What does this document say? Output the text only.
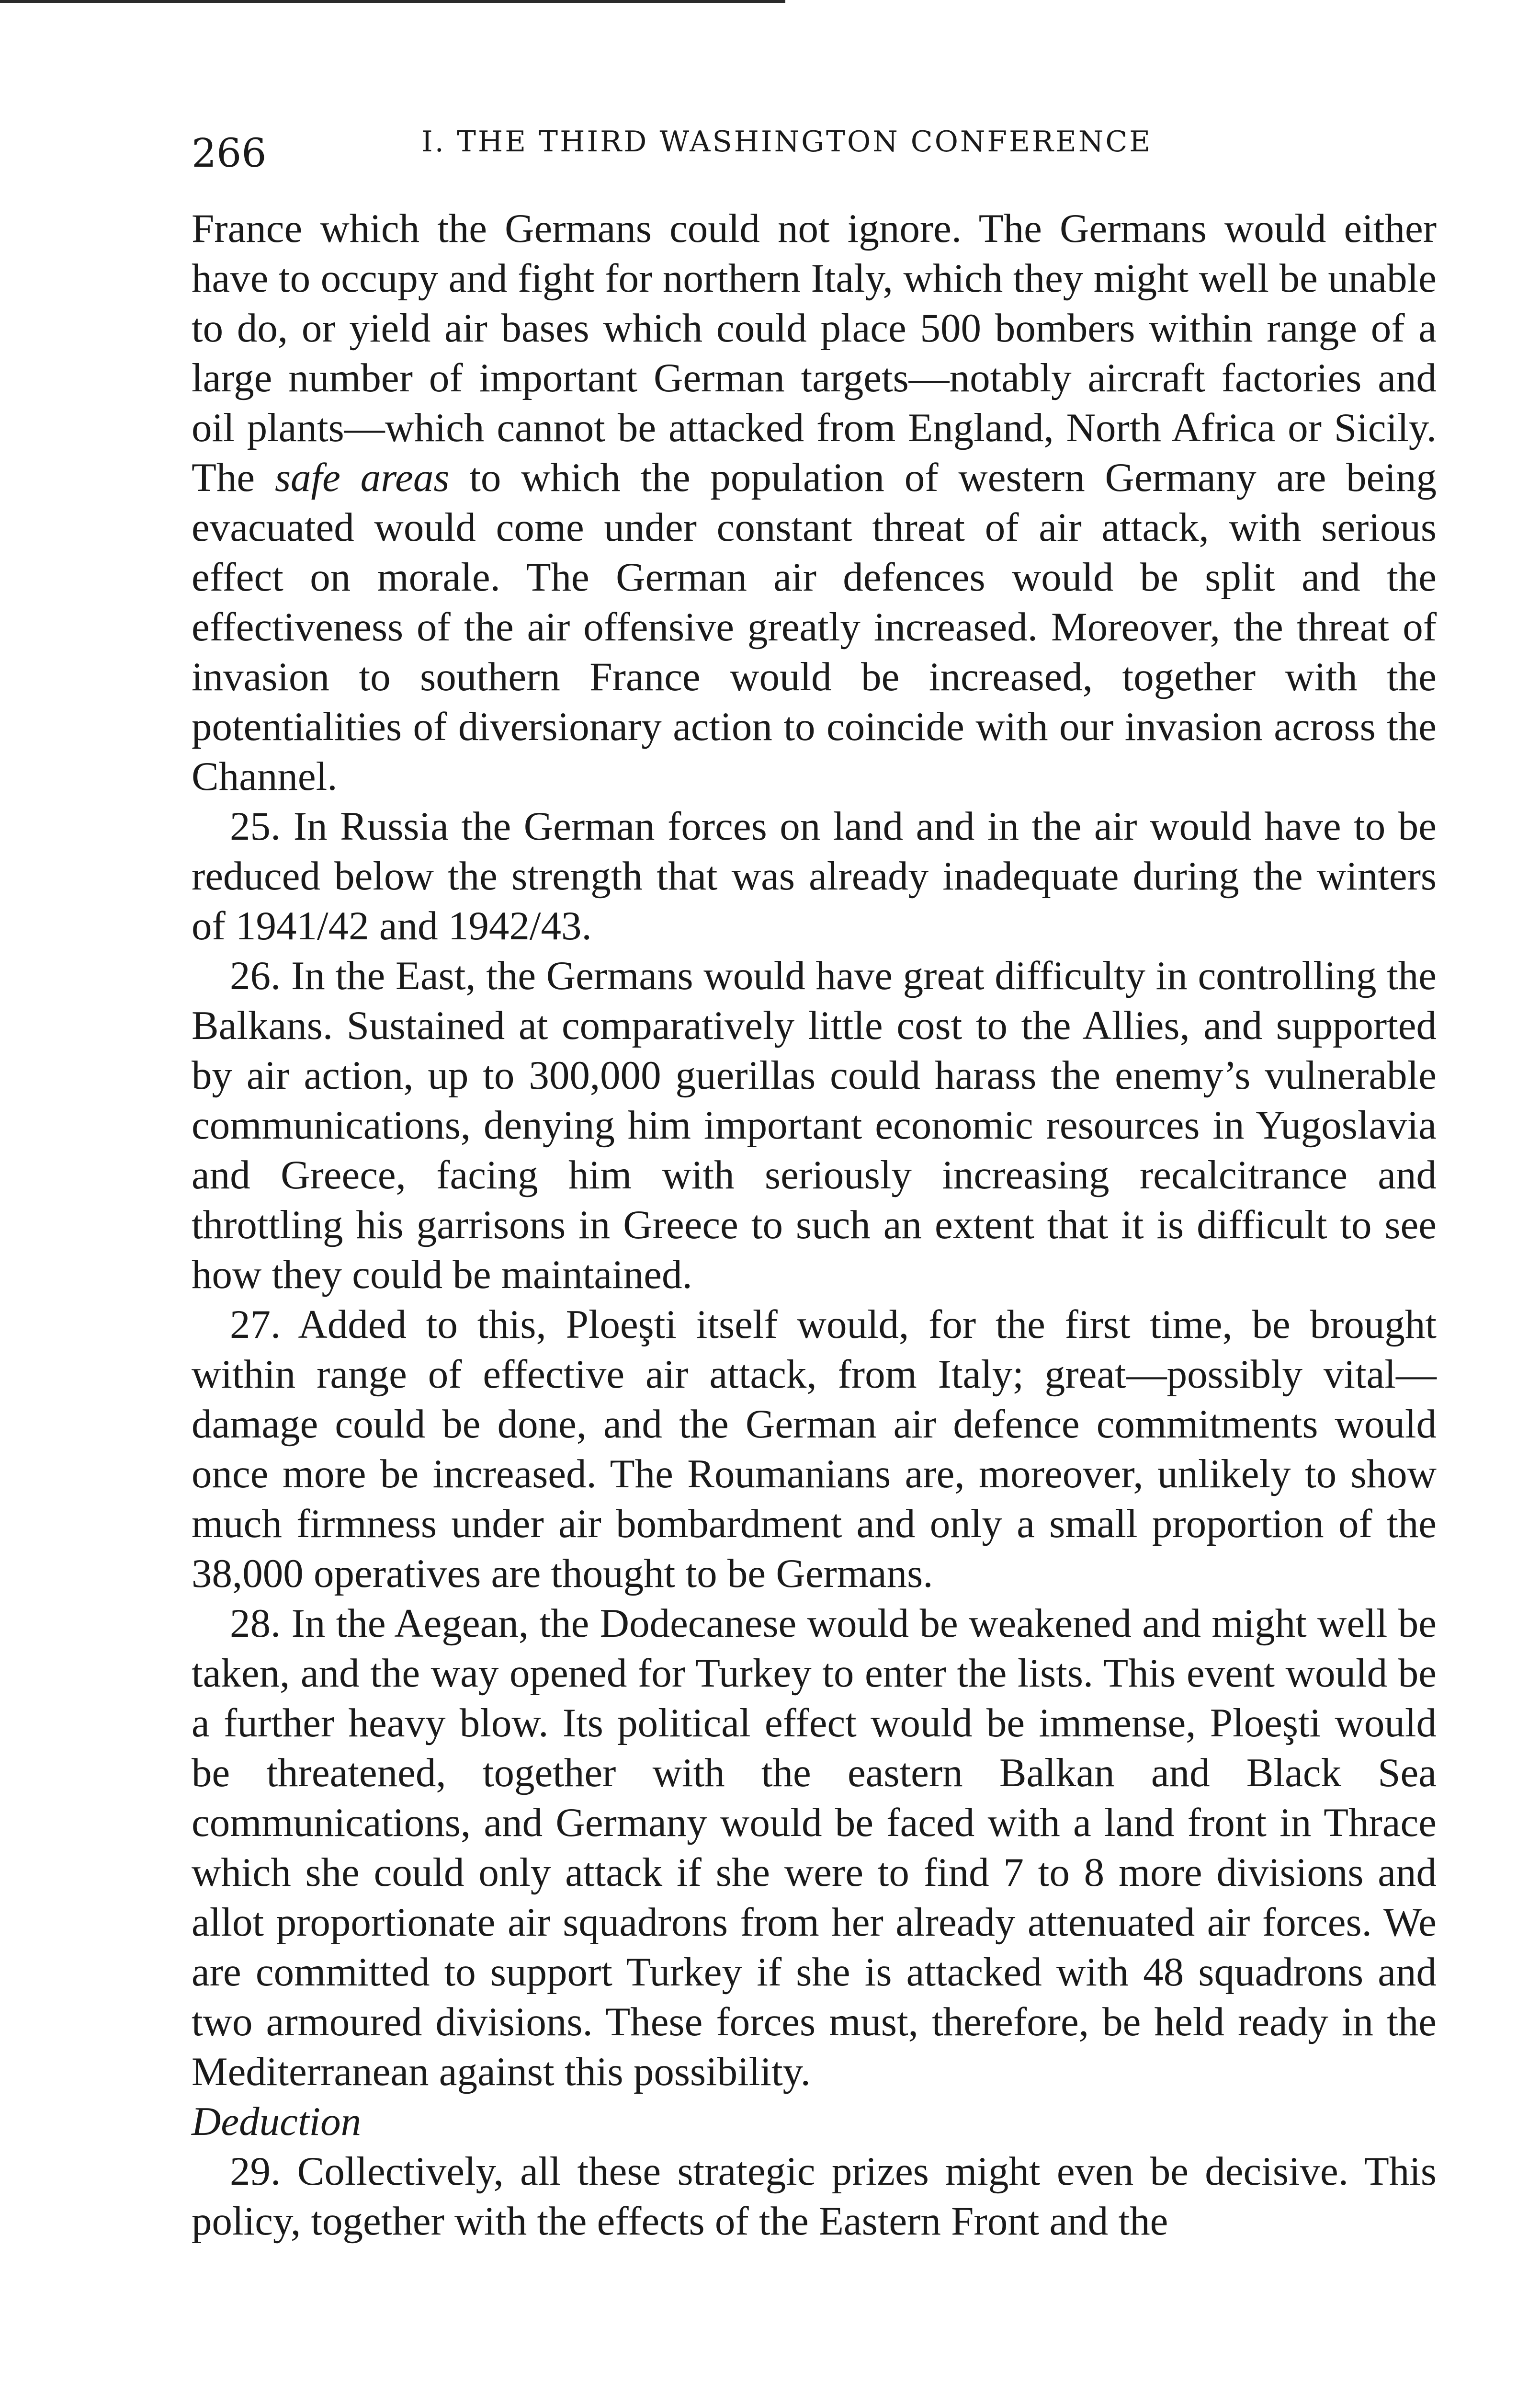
266	I. THE THIRD WASHINGTON CONFERENCE

France which the Germans could not ignore. The Germans would either have to occupy and fight for northern Italy, which they might well be unable to do, or yield air bases which could place 500 bombers within range of a large number of important German targets—notably aircraft factories and oil plants—which cannot be attacked from England, North Africa or Sicily. The safe areas to which the population of western Germany are being evacuated would come under constant threat of air attack, with serious effect on morale. The German air defences would be split and the effectiveness of the air offensive greatly increased. Moreover, the threat of invasion to southern France would be increased, together with the potentialities of diversionary action to coincide with our invasion across the Channel.

25. In Russia the German forces on land and in the air would have to be reduced below the strength that was already inadequate during the winters of 1941/42 and 1942/43.

26. In the East, the Germans would have great difficulty in controlling the Balkans. Sustained at comparatively little cost to the Allies, and supported by air action, up to 300,000 guerillas could harass the enemy’s vulnerable communications, denying him important economic resources in Yugoslavia and Greece, facing him with seriously increasing recalcitrance and throttling his garrisons in Greece to such an extent that it is difficult to see how they could be maintained.

27. Added to this, Ploeşti itself would, for the first time, be brought within range of effective air attack, from Italy; great—possibly vital—damage could be done, and the German air defence commitments would once more be increased. The Roumanians are, moreover, unlikely to show much firmness under air bombardment and only a small proportion of the 38,000 operatives are thought to be Germans.

28. In the Aegean, the Dodecanese would be weakened and might well be taken, and the way opened for Turkey to enter the lists. This event would be a further heavy blow. Its political effect would be immense, Ploeşti would be threatened, together with the eastern Balkan and Black Sea communications, and Germany would be faced with a land front in Thrace which she could only attack if she were to find 7 to 8 more divisions and allot proportionate air squadrons from her already attenuated air forces. We are committed to support Turkey if she is attacked with 48 squadrons and two armoured divisions. These forces must, therefore, be held ready in the Mediterranean against this possibility.

Deduction

29. Collectively, all these strategic prizes might even be decisive. This policy, together with the effects of the Eastern Front and the
